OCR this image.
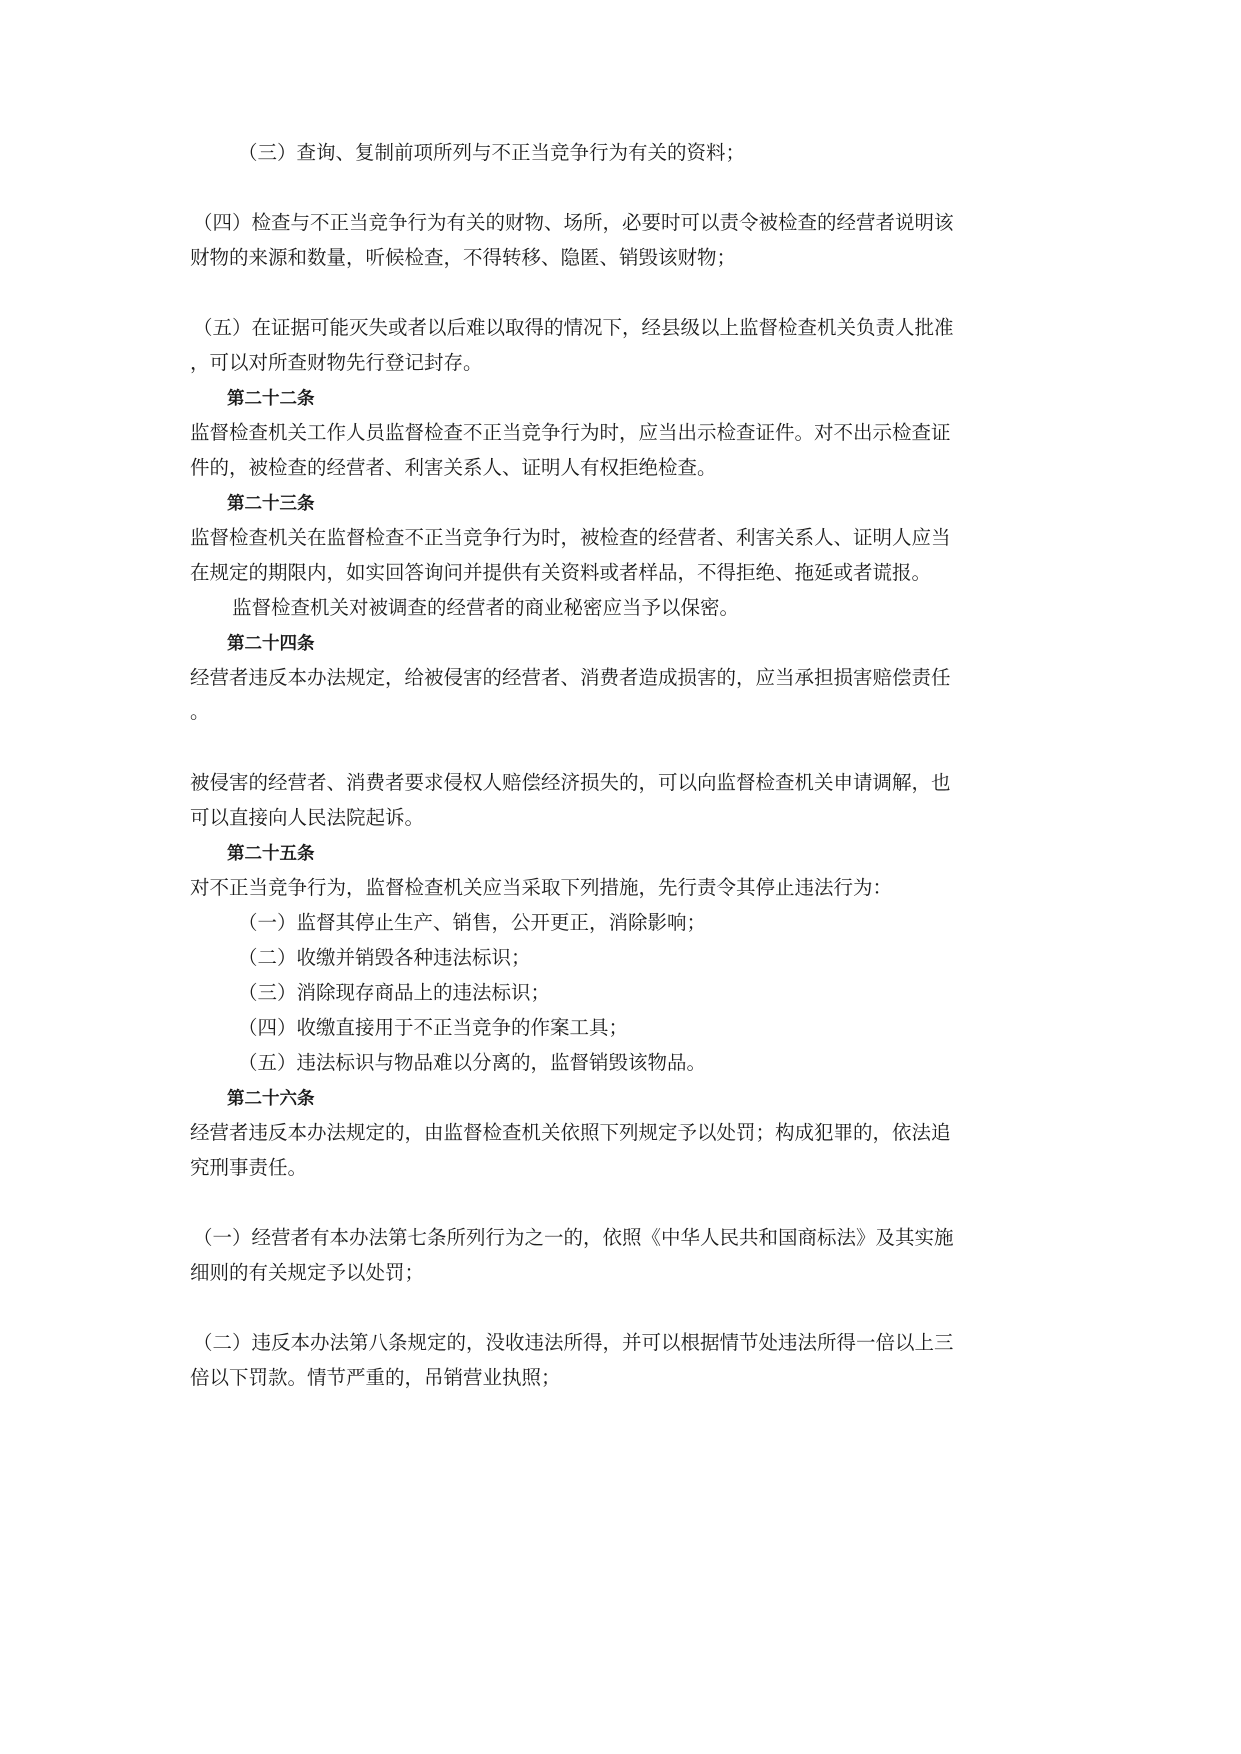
（三）查询、复制前项所列与不正当竞争行为有关的资料；
（四）检查与不正当竞争行为有关的财物、场所，必要时可以责令被检查的经营者说明该
财物的来源和数量，听候检查，不得转移、隐匿、销毁该财物；
（五）在证据可能灭失或者以后难以取得的情况下，经县级以上监督检查机关负责人批准
，可以对所查财物先行登记封存。
第二十二条
监督检查机关工作人员监督检查不正当竞争行为时，应当出示检查证件。对不出示检查证
件的，被检查的经营者、利害关系人、证明人有权拒绝检查。
第二十三条
监督检查机关在监督检查不正当竞争行为时，被检查的经营者、利害关系人、证明人应当
在规定的期限内，如实回答询问并提供有关资料或者样品，不得拒绝、拖延或者谎报。
监督检查机关对被调查的经营者的商业秘密应当予以保密。
第二十四条
经营者违反本办法规定，给被侵害的经营者、消费者造成损害的，应当承担损害赔偿责任
。
被侵害的经营者、消费者要求侵权人赔偿经济损失的，可以向监督检查机关申请调解，也
可以直接向人民法院起诉。
第二十五条
对不正当竞争行为，监督检查机关应当采取下列措施，先行责令其停止违法行为：
（一）监督其停止生产、销售，公开更正，消除影响；
（二）收缴并销毁各种违法标识；
（三）消除现存商品上的违法标识；
（四）收缴直接用于不正当竞争的作案工具；
（五）违法标识与物品难以分离的，监督销毁该物品。
第二十六条
经营者违反本办法规定的，由监督检查机关依照下列规定予以处罚；构成犯罪的，依法追
究刑事责任。
（一）经营者有本办法第七条所列行为之一的，依照《中华人民共和国商标法》及其实施
细则的有关规定予以处罚；
（二）违反本办法第八条规定的，没收违法所得，并可以根据情节处违法所得一倍以上三
倍以下罚款。情节严重的，吊销营业执照；
